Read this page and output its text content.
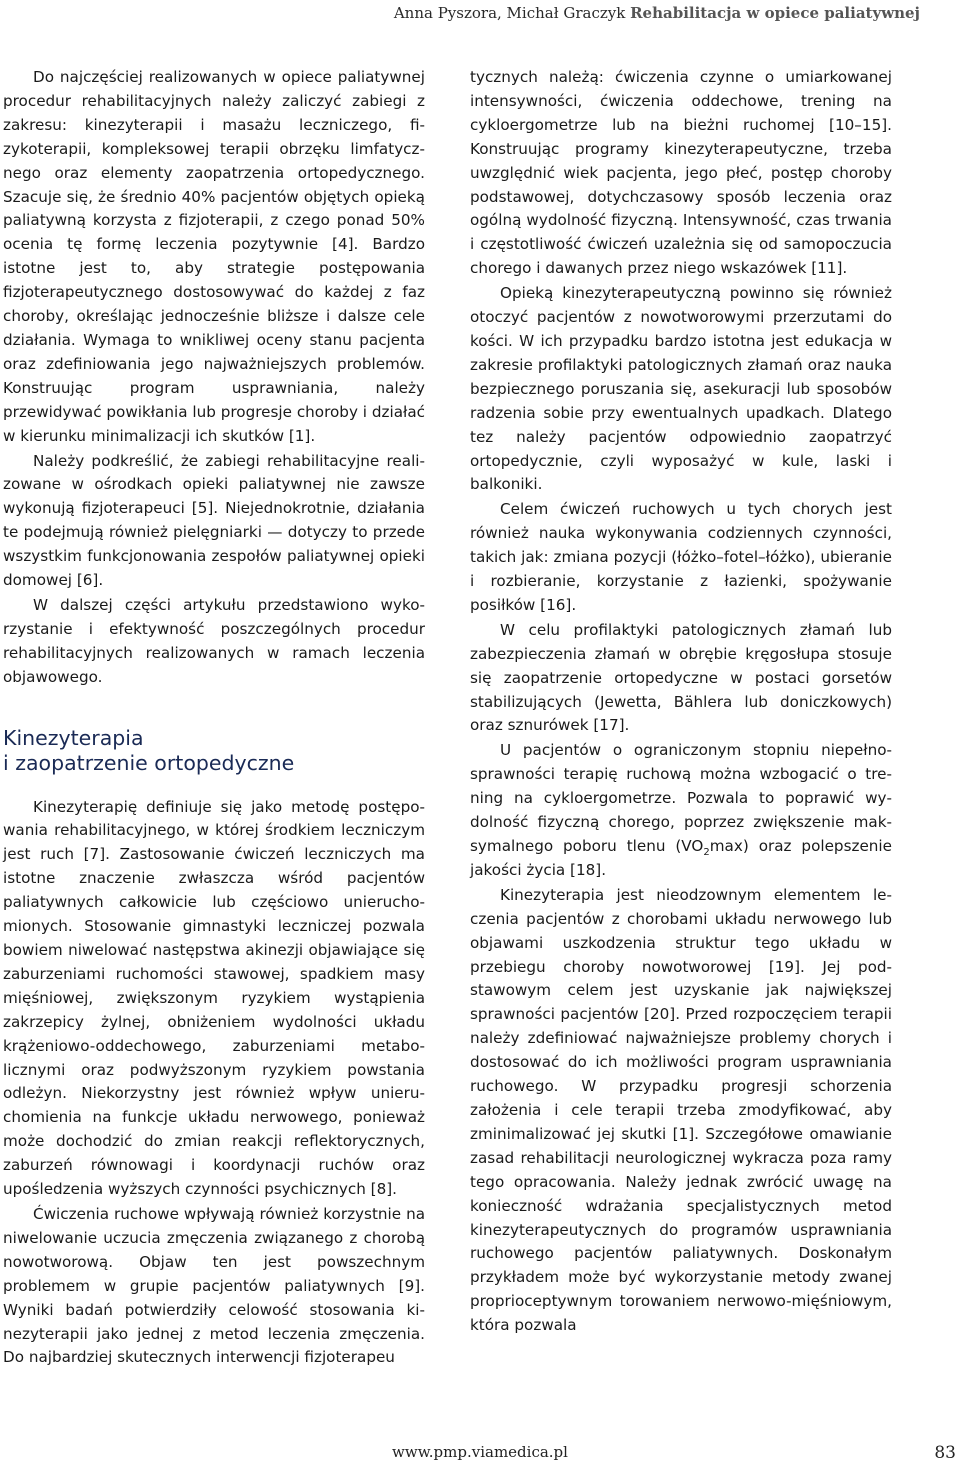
Anna Pyszora, Michał Graczyk Rehabilitacja w opiece paliatywnej

Do najczęściej realizowanych w opiece paliatywnej procedur rehabilitacyjnych należy zaliczyć zabiegi z zakresu: kinezyterapii i masażu leczniczego, fizykoterapii, kompleksowej terapii obrzęku limfatycznego oraz elementy zaopatrzenia ortopedycznego. Szacuje się, że średnio 40% pacjentów objętych opieką paliatywną korzysta z fizjoterapii, z czego ponad 50% ocenia tę formę leczenia pozytywnie [4]. Bardzo istotne jest to, aby strategie postępowania fizjoterapeutycznego dostosowywać do każdej z faz choroby, określając jednocześnie bliższe i dalsze cele działania. Wymaga to wnikliwej oceny stanu pacjenta oraz zdefiniowania jego najważniejszych problemów. Konstruując program usprawniania, należy przewidywać powikłania lub progresje choroby i działać w kierunku minimalizacji ich skutków [1].

Należy podkreślić, że zabiegi rehabilitacyjne realizowane w ośrodkach opieki paliatywnej nie zawsze wykonują fizjoterapeuci [5]. Niejednokrotnie, działania te podejmują również pielęgniarki — dotyczy to przede wszystkim funkcjonowania zespołów paliatywnej opieki domowej [6].

W dalszej części artykułu przedstawiono wykorzystanie i efektywność poszczególnych procedur rehabilitacyjnych realizowanych w ramach leczenia objawowego.

Kinezyterapia
i zaopatrzenie ortopedyczne

Kinezyterapię definiuje się jako metodę postępowania rehabilitacyjnego, w której środkiem leczniczym jest ruch [7]. Zastosowanie ćwiczeń leczniczych ma istotne znaczenie zwłaszcza wśród pacjentów paliatywnych całkowicie lub częściowo unieruchomionych. Stosowanie gimnastyki leczniczej pozwala bowiem niwelować następstwa akinezji objawiające się zaburzeniami ruchomości stawowej, spadkiem masy mięśniowej, zwiększonym ryzykiem wystąpienia zakrzepicy żylnej, obniżeniem wydolności układu krążeniowo-oddechowego, zaburzeniami metabolicznymi oraz podwyższonym ryzykiem powstania odleżyn. Niekorzystny jest również wpływ unieruchomienia na funkcje układu nerwowego, ponieważ może dochodzić do zmian reakcji reflektorycznych, zaburzeń równowagi i koordynacji ruchów oraz upośledzenia wyższych czynności psychicznych [8].

Ćwiczenia ruchowe wpływają również korzystnie na niwelowanie uczucia zmęczenia związanego z chorobą nowotworową. Objaw ten jest powszechnym problemem w grupie pacjentów paliatywnych [9]. Wyniki badań potwierdziły celowość stosowania kinezyterapii jako jednej z metod leczenia zmęczenia. Do najbardziej skutecznych interwencji fizjoterapeu

tycznych należą: ćwiczenia czynne o umiarkowanej intensywności, ćwiczenia oddechowe, trening na cykloergometrze lub na bieżni ruchomej [10–15]. Konstruując programy kinezyterapeutyczne, trzeba uwzględnić wiek pacjenta, jego płeć, postęp choroby podstawowej, dotychczasowy sposób leczenia oraz ogólną wydolność fizyczną. Intensywność, czas trwania i częstotliwość ćwiczeń uzależnia się od samopoczucia chorego i dawanych przez niego wskazówek [11].

Opieką kinezyterapeutyczną powinno się również otoczyć pacjentów z nowotworowymi przerzutami do kości. W ich przypadku bardzo istotna jest edukacja w zakresie profilaktyki patologicznych złamań oraz nauka bezpiecznego poruszania się, asekuracji lub sposobów radzenia sobie przy ewentualnych upadkach. Dlatego tez należy pacjentów odpowiednio zaopatrzyć ortopedycznie, czyli wyposażyć w kule, laski i balkoniki.

Celem ćwiczeń ruchowych u tych chorych jest również nauka wykonywania codziennych czynności, takich jak: zmiana pozycji (łóżko–fotel–łóżko), ubieranie i rozbieranie, korzystanie z łazienki, spożywanie posiłków [16].

W celu profilaktyki patologicznych złamań lub zabezpieczenia złamań w obrębie kręgosłupa stosuje się zaopatrzenie ortopedyczne w postaci gorsetów stabilizujących (Jewetta, Bählera lub doniczkowych) oraz sznurówek [17].

U pacjentów o ograniczonym stopniu niepełnosprawności terapię ruchową można wzbogacić o trening na cykloergometrze. Pozwala to poprawić wydolność fizyczną chorego, poprzez zwiększenie maksymalnego poboru tlenu $(VO_2\max)$ oraz polepszenie jakości życia [18].

Kinezyterapia jest nieodzownym elementem leczenia pacjentów z chorobami układu nerwowego lub objawami uszkodzenia struktur tego układu w przebiegu choroby nowotworowej [19]. Jej podstawowym celem jest uzyskanie jak największej sprawności pacjentów [20]. Przed rozpoczęciem terapii należy zdefiniować najważniejsze problemy chorych i dostosować do ich możliwości program usprawniania ruchowego. W przypadku progresji schorzenia założenia i cele terapii trzeba zmodyfikować, aby zminimalizować jej skutki [1]. Szczegółowe omawianie zasad rehabilitacji neurologicznej wykracza poza ramy tego opracowania. Należy jednak zwrócić uwagę na konieczność wdrażania specjalistycznych metod kinezyterapeutycznych do programów usprawniania ruchowego pacjentów paliatywnych. Doskonałym przykładem może być wykorzystanie metody zwanej proprioceptywnym torowaniem nerwowo-mięśniowym, która pozwala

www.pmp.viamedica.pl	83
